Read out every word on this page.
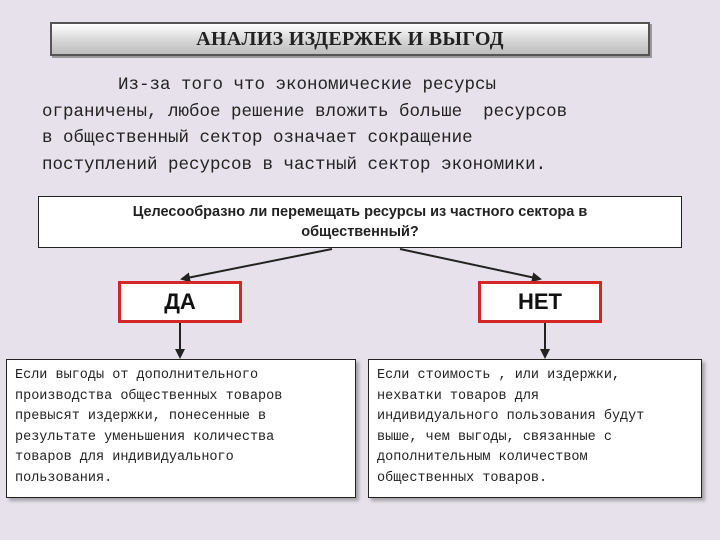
АНАЛИЗ ИЗДЕРЖЕК И ВЫГОД
Из-за того что экономические ресурсы
ограничены, любое решение вложить больше  ресурсов
в общественный сектор означает сокращение
поступлений ресурсов в частный сектор экономики.
Целесообразно ли перемещать ресурсы из частного сектора в
общественный?
ДА	НЕТ
Если выгоды от дополнительного
производства общественных товаров
превысят издержки, понесенные в
результате уменьшения количества
товаров для индивидуального
пользования.
Если стоимость , или издержки,
нехватки товаров для
индивидуального пользования будут
выше, чем выгоды, связанные с
дополнительным количеством
общественных товаров.
